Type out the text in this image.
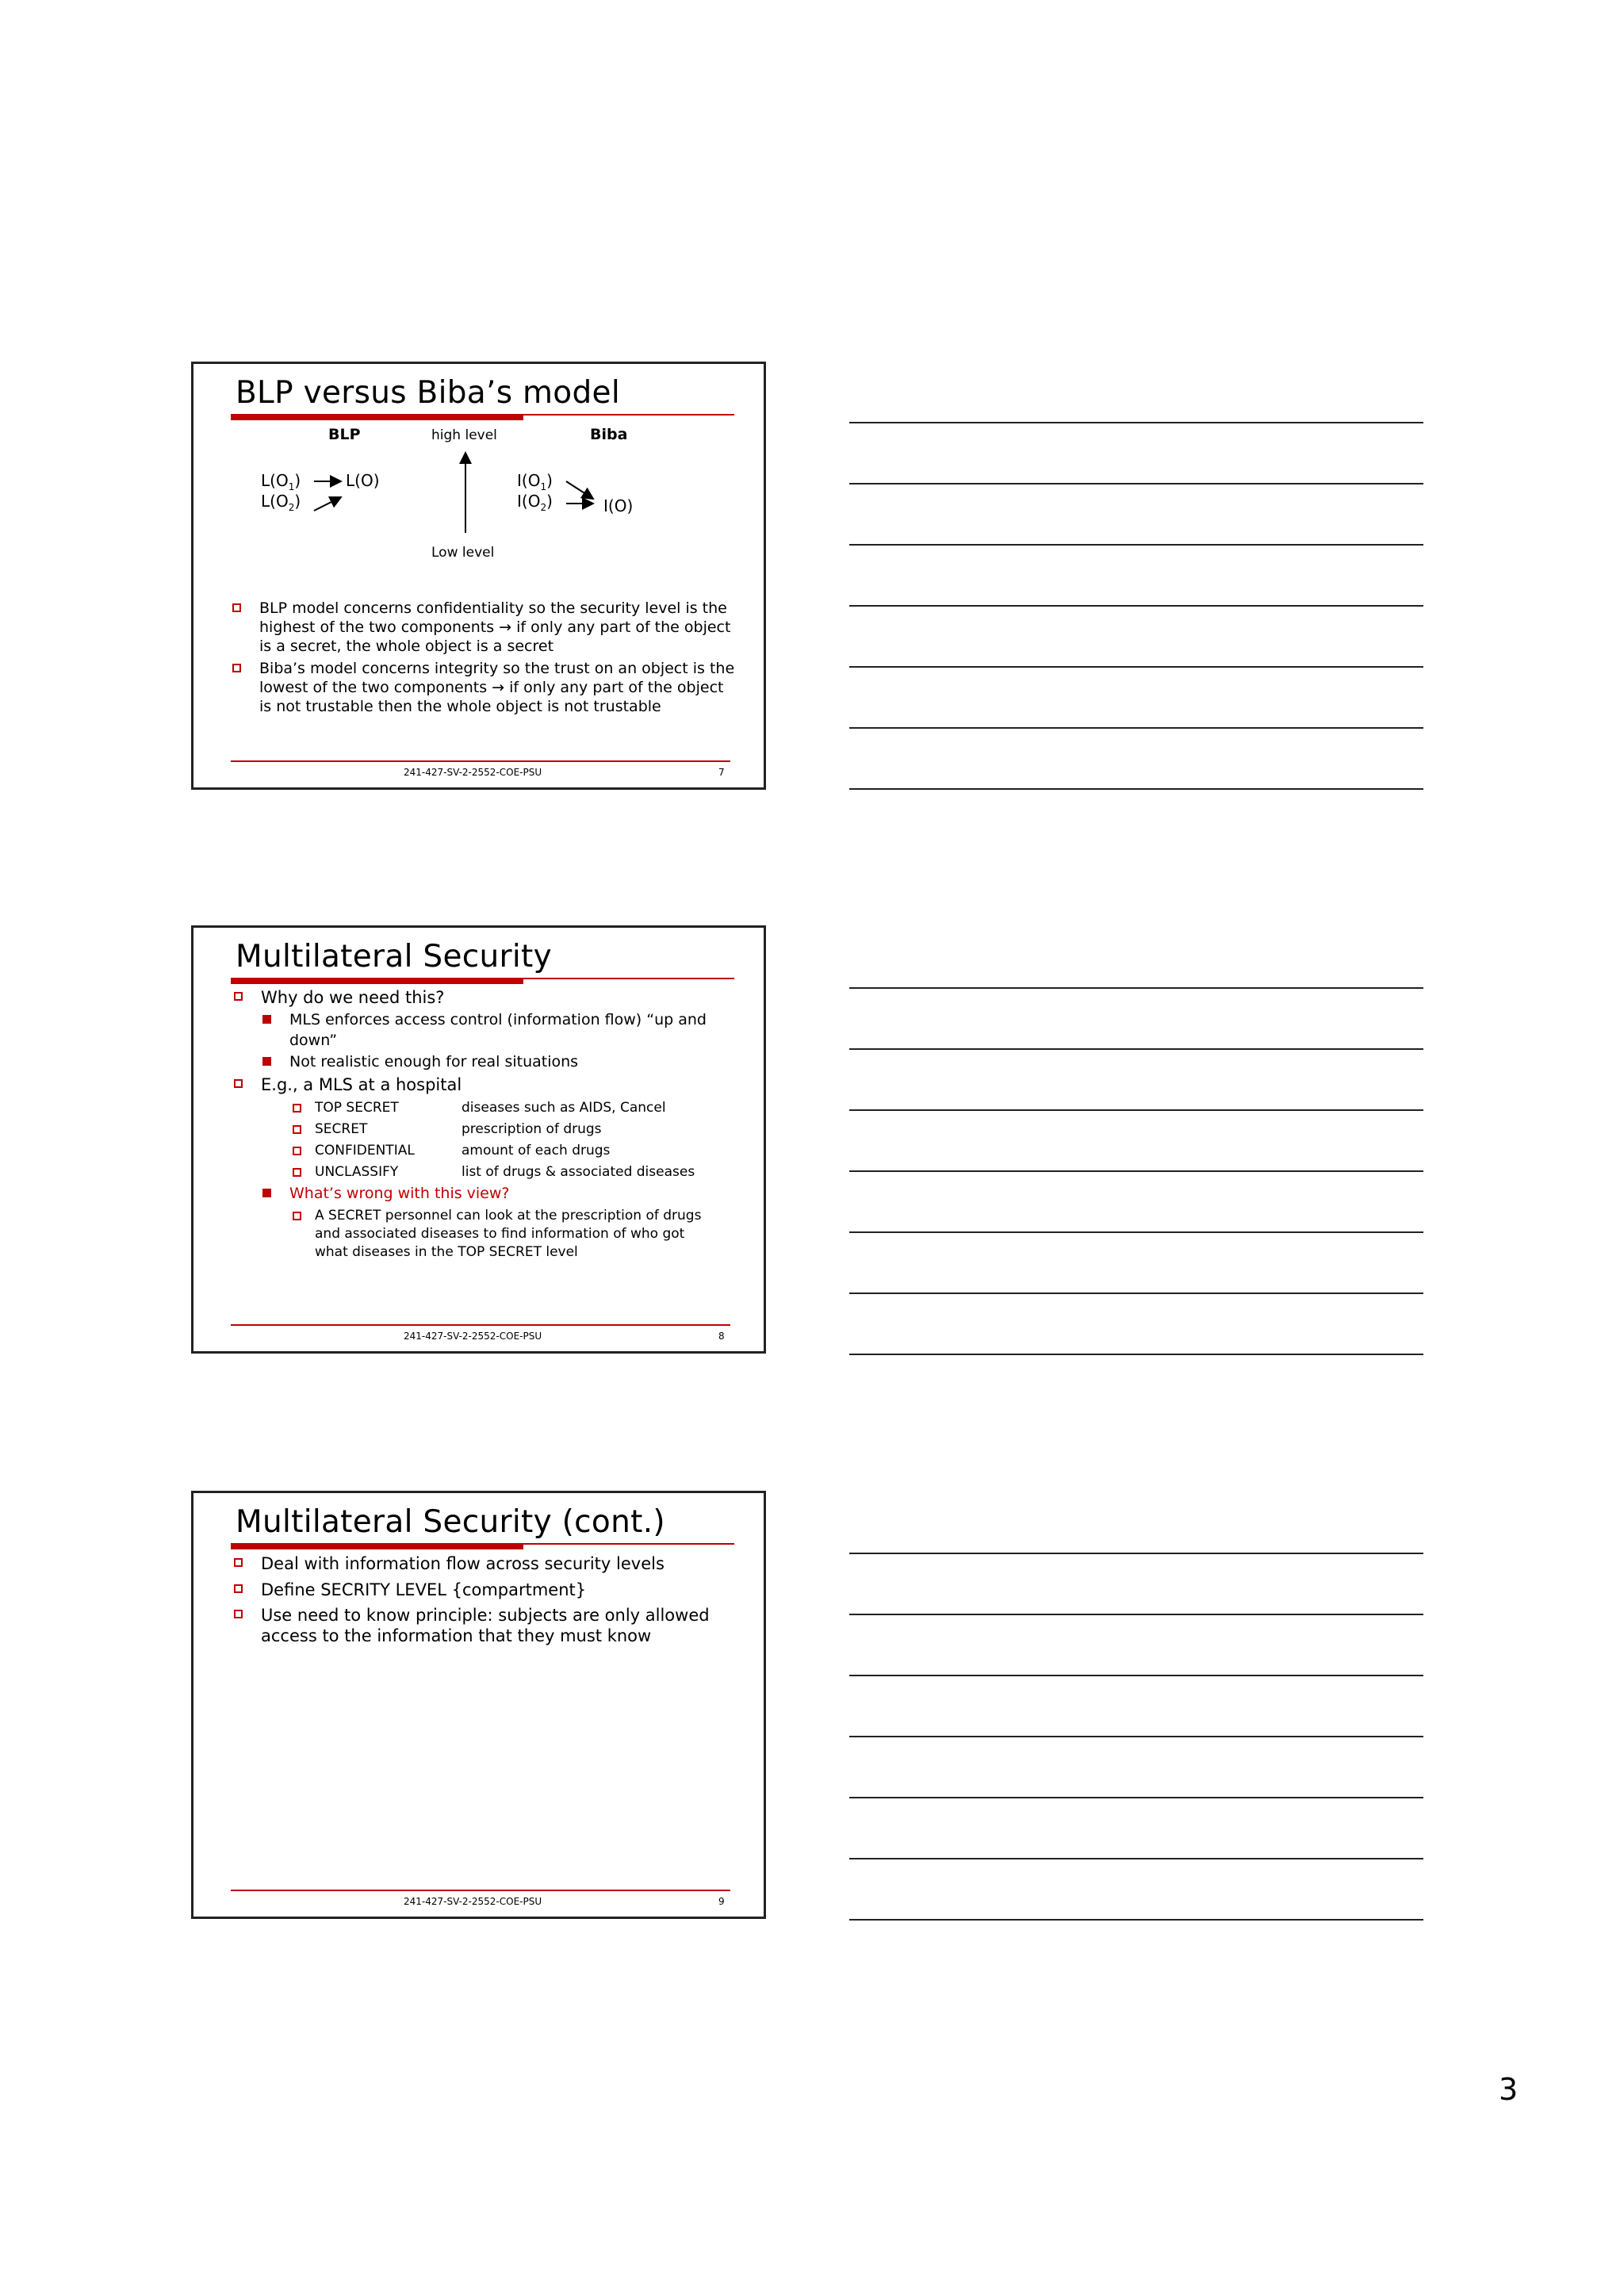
BLP versus Biba’s model
BLP	high level	Biba
$L(O_1)$
$L(O_2)$
L(O)	$I(O_1)$
$I(O_2)$	I(O)
Low level
BLP model concerns confidentiality so the security level is the highest of the two components → if only any part of the object is a secret, the whole object is a secret
Biba’s model concerns integrity so the trust on an object is the lowest of the two components → if only any part of the object is not trustable then the whole object is not trustable
241-427-SV-2-2552-COE-PSU	7
Multilateral Security
Why do we need this?
MLS enforces access control (information flow) “up and down”
Not realistic enough for real situations
E.g., a MLS at a hospital
TOP SECRET	diseases such as AIDS, Cancel
SECRET	prescription of drugs
CONFIDENTIAL	amount of each drugs
UNCLASSIFY	list of drugs & associated diseases
What’s wrong with this view?
A SECRET personnel can look at the prescription of drugs and associated diseases to find information of who got what diseases in the TOP SECRET level
241-427-SV-2-2552-COE-PSU	8
Multilateral Security (cont.)
Deal with information flow across security levels
Define SECRITY LEVEL {compartment}
Use need to know principle: subjects are only allowed access to the information that they must know
241-427-SV-2-2552-COE-PSU	9
3
